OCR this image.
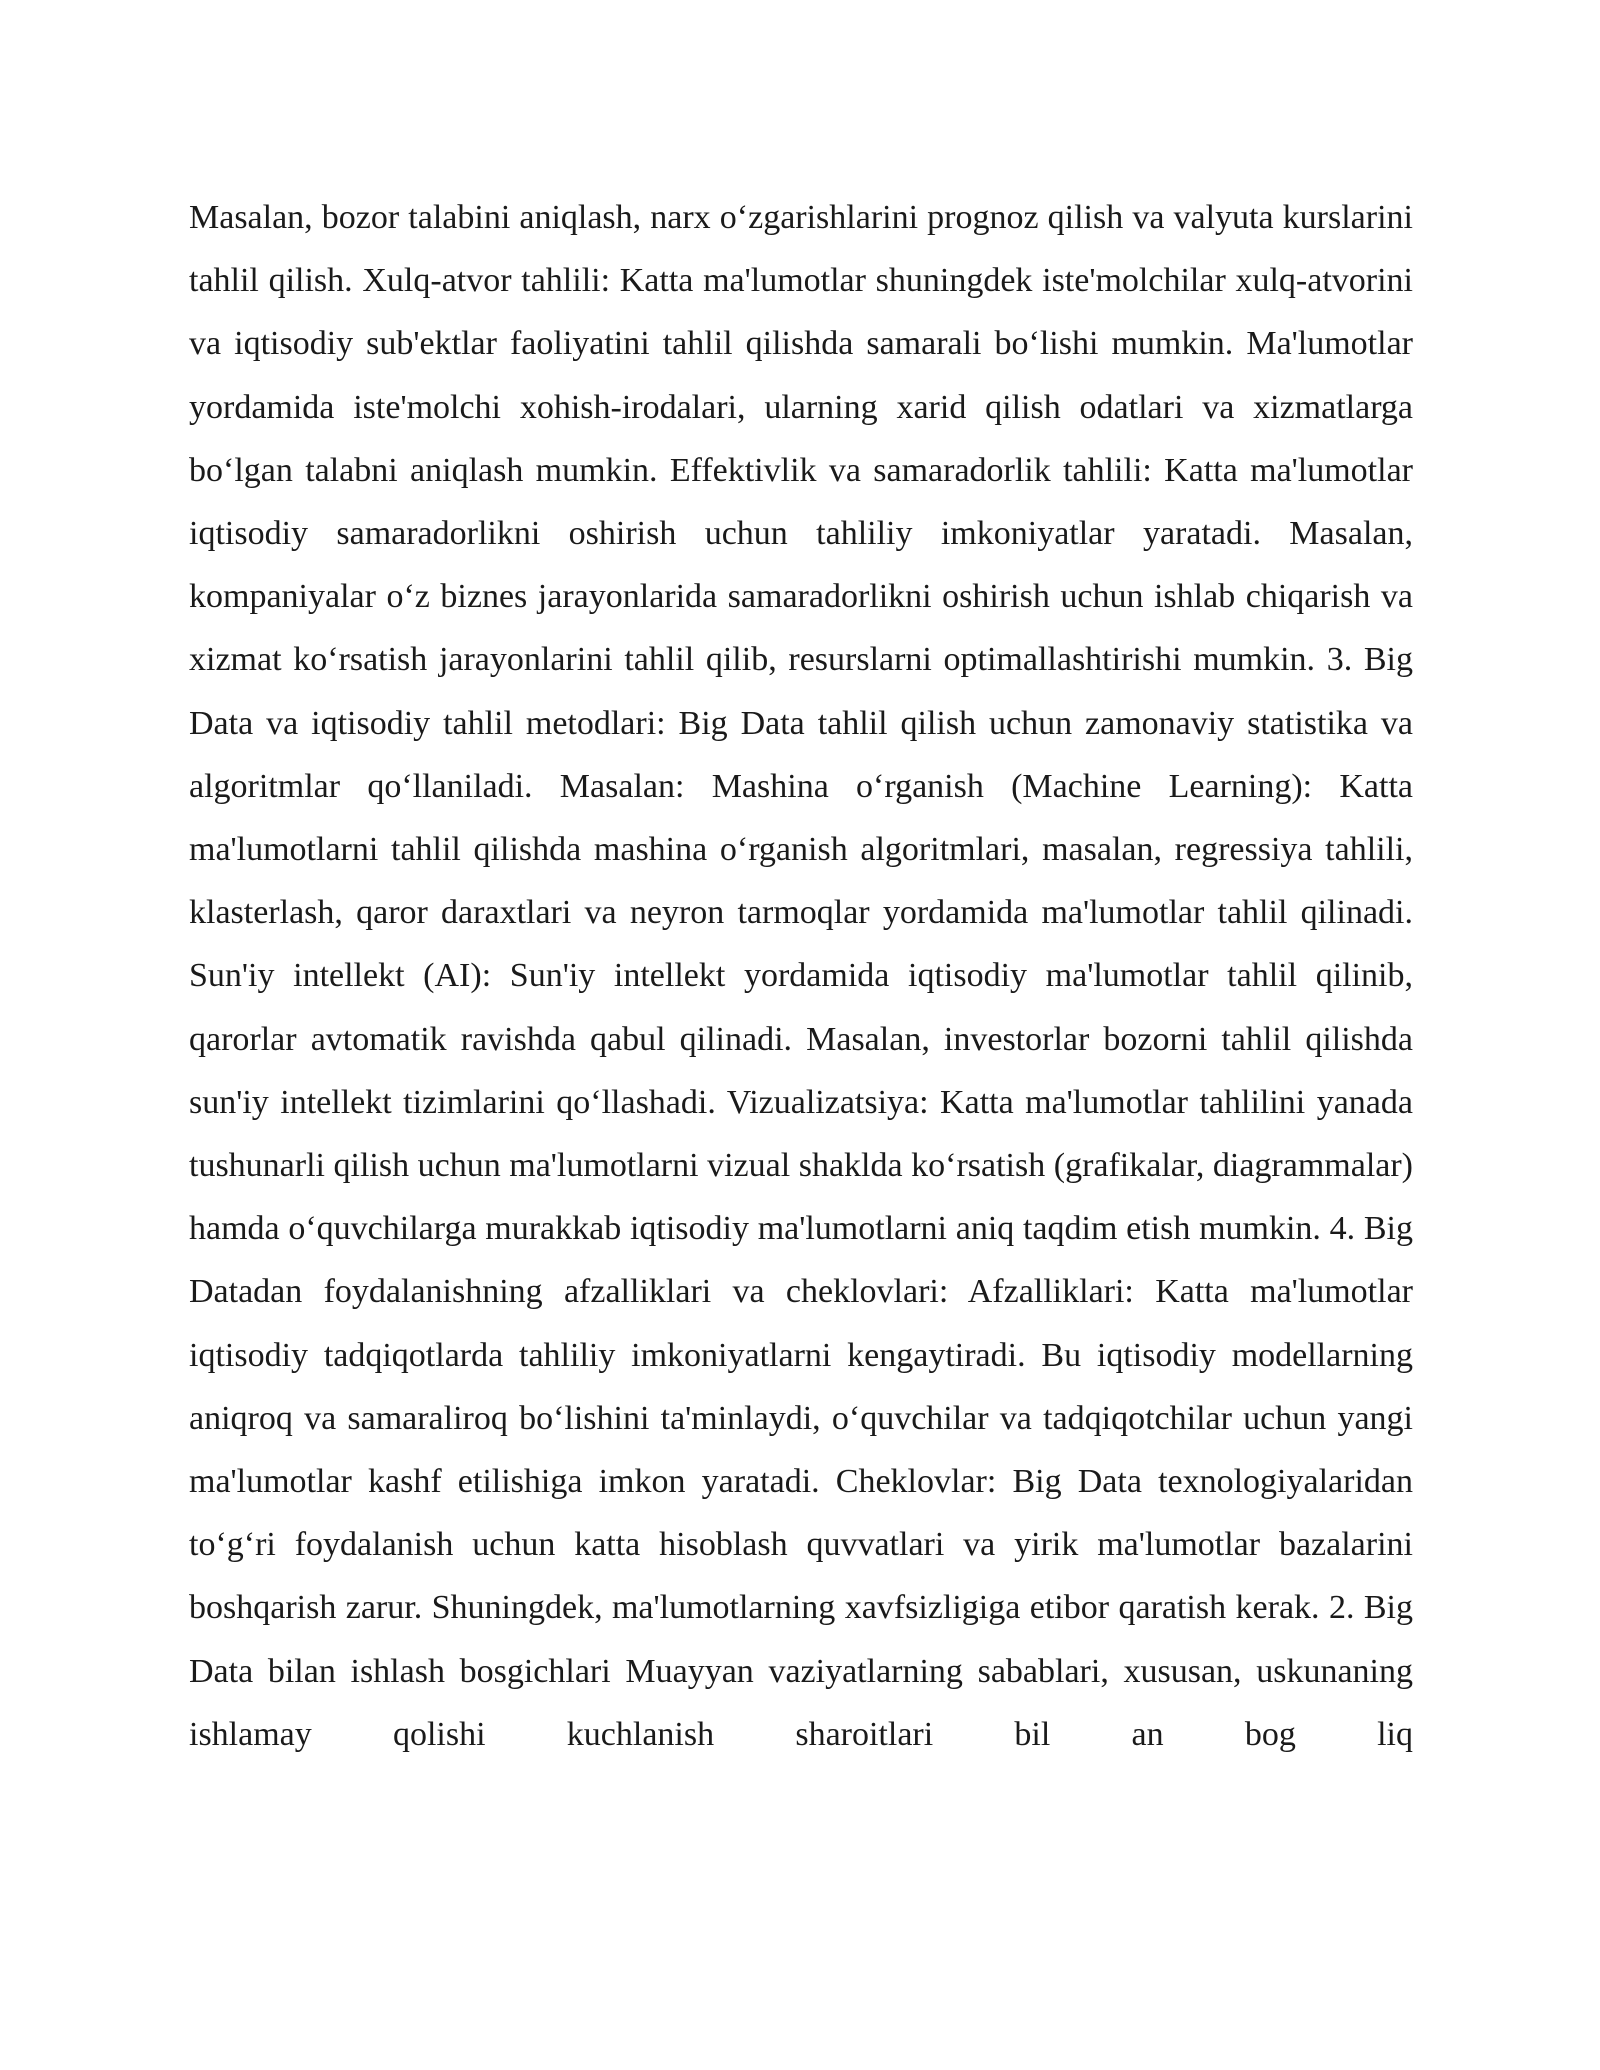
Masalan, bozor talabini aniqlash, narx o‘zgarishlarini prognoz qilish va valyuta kurslarini tahlil qilish. Xulq-atvor tahlili: Katta ma'lumotlar shuningdek iste'molchilar xulq-atvorini va iqtisodiy sub'ektlar faoliyatini tahlil qilishda samarali bo‘lishi mumkin. Ma'lumotlar yordamida iste'molchi xohish-irodalari, ularning xarid qilish odatlari va xizmatlarga bo‘lgan talabni aniqlash mumkin. Effektivlik va samaradorlik tahlili: Katta ma'lumotlar iqtisodiy samaradorlikni oshirish uchun tahliliy imkoniyatlar yaratadi. Masalan, kompaniyalar o‘z biznes jarayonlarida samaradorlikni oshirish uchun ishlab chiqarish va xizmat ko‘rsatish jarayonlarini tahlil qilib, resurslarni optimallashtirishi mumkin. 3. Big Data va iqtisodiy tahlil metodlari: Big Data tahlil qilish uchun zamonaviy statistika va algoritmlar qo‘llaniladi. Masalan: Mashina o‘rganish (Machine Learning): Katta ma'lumotlarni tahlil qilishda mashina o‘rganish algoritmlari, masalan, regressiya tahlili, klasterlash, qaror daraxtlari va neyron tarmoqlar yordamida ma'lumotlar tahlil qilinadi. Sun'iy intellekt (AI): Sun'iy intellekt yordamida iqtisodiy ma'lumotlar tahlil qilinib, qarorlar avtomatik ravishda qabul qilinadi. Masalan, investorlar bozorni tahlil qilishda sun'iy intellekt tizimlarini qo‘llashadi. Vizualizatsiya: Katta ma'lumotlar tahlilini yanada tushunarli qilish uchun ma'lumotlarni vizual shaklda ko‘rsatish (grafikalar, diagrammalar) hamda o‘quvchilarga murakkab iqtisodiy ma'lumotlarni aniq taqdim etish mumkin. 4. Big Datadan foydalanishning afzalliklari va cheklovlari: Afzalliklari: Katta ma'lumotlar iqtisodiy tadqiqotlarda tahliliy imkoniyatlarni kengaytiradi. Bu iqtisodiy modellarning aniqroq va samaraliroq bo‘lishini ta'minlaydi, o‘quvchilar va tadqiqotchilar uchun yangi ma'lumotlar kashf etilishiga imkon yaratadi. Cheklovlar: Big Data texnologiyalaridan to‘g‘ri foydalanish uchun katta hisoblash quvvatlari va yirik ma'lumotlar bazalarini boshqarish zarur. Shuningdek, ma'lumotlarning xavfsizligiga etibor qaratish kerak. 2. Big Data bilan ishlash bosgichlari Muayyan vaziyatlarning sabablari, xususan, uskunaning ishlamay qolishi kuchlanish sharoitlari bil an bog liq
